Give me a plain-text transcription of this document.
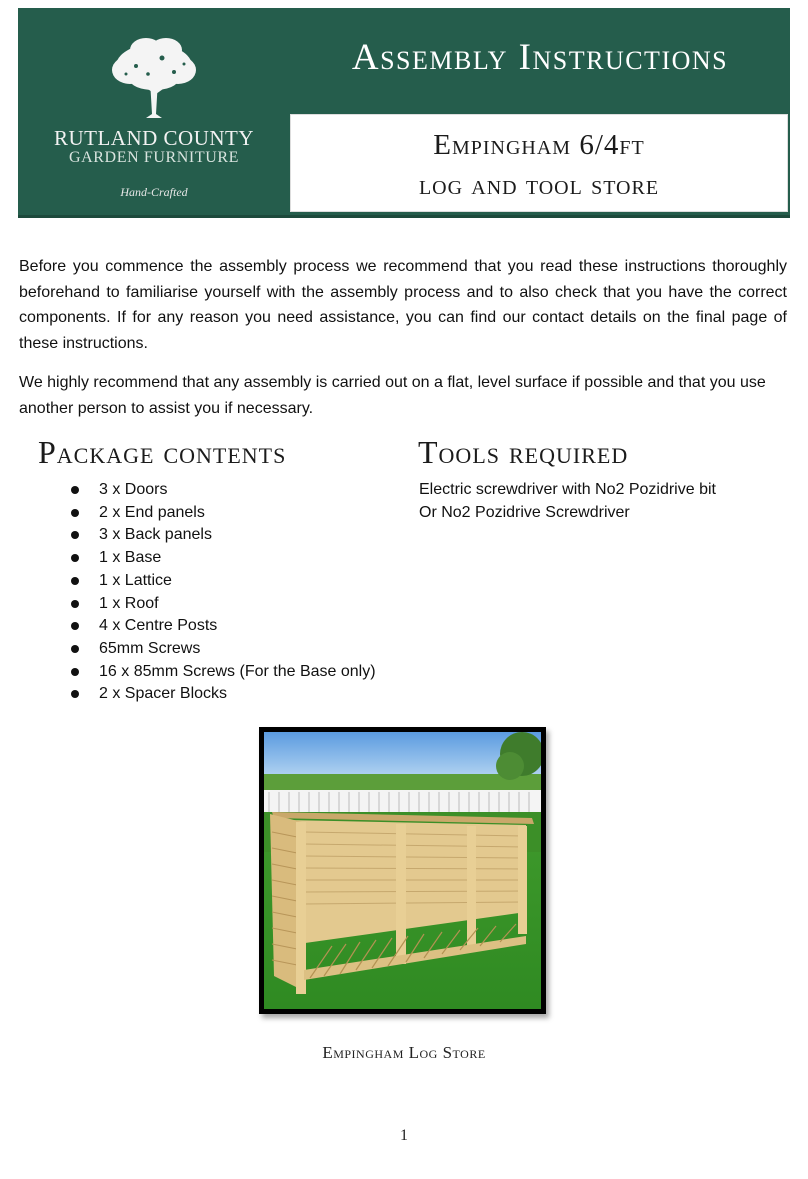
RUTLAND COUNTY
GARDEN FURNITURE
Hand-Crafted
Assembly Instructions
Empingham 6/4ft
log and tool store

Before you commence the assembly process we recommend that you read these instructions thoroughly beforehand to familiarise yourself with the assembly process and to also check that you have the correct components. If for any reason you need assistance, you can find our contact details on the final page of these instructions.

We highly recommend that any assembly is carried out on a flat, level surface if possible and that you use another person to assist you if necessary.

Package contents	Tools required
3 x Doors
2 x End panels
3 x Back panels
1 x Base
1 x Lattice
1 x Roof
4 x Centre Posts
65mm Screws
16 x 85mm Screws (For the Base only)
2 x Spacer Blocks
Electric screwdriver with No2 Pozidrive bit
Or No2 Pozidrive Screwdriver
Empingham Log Store
1
